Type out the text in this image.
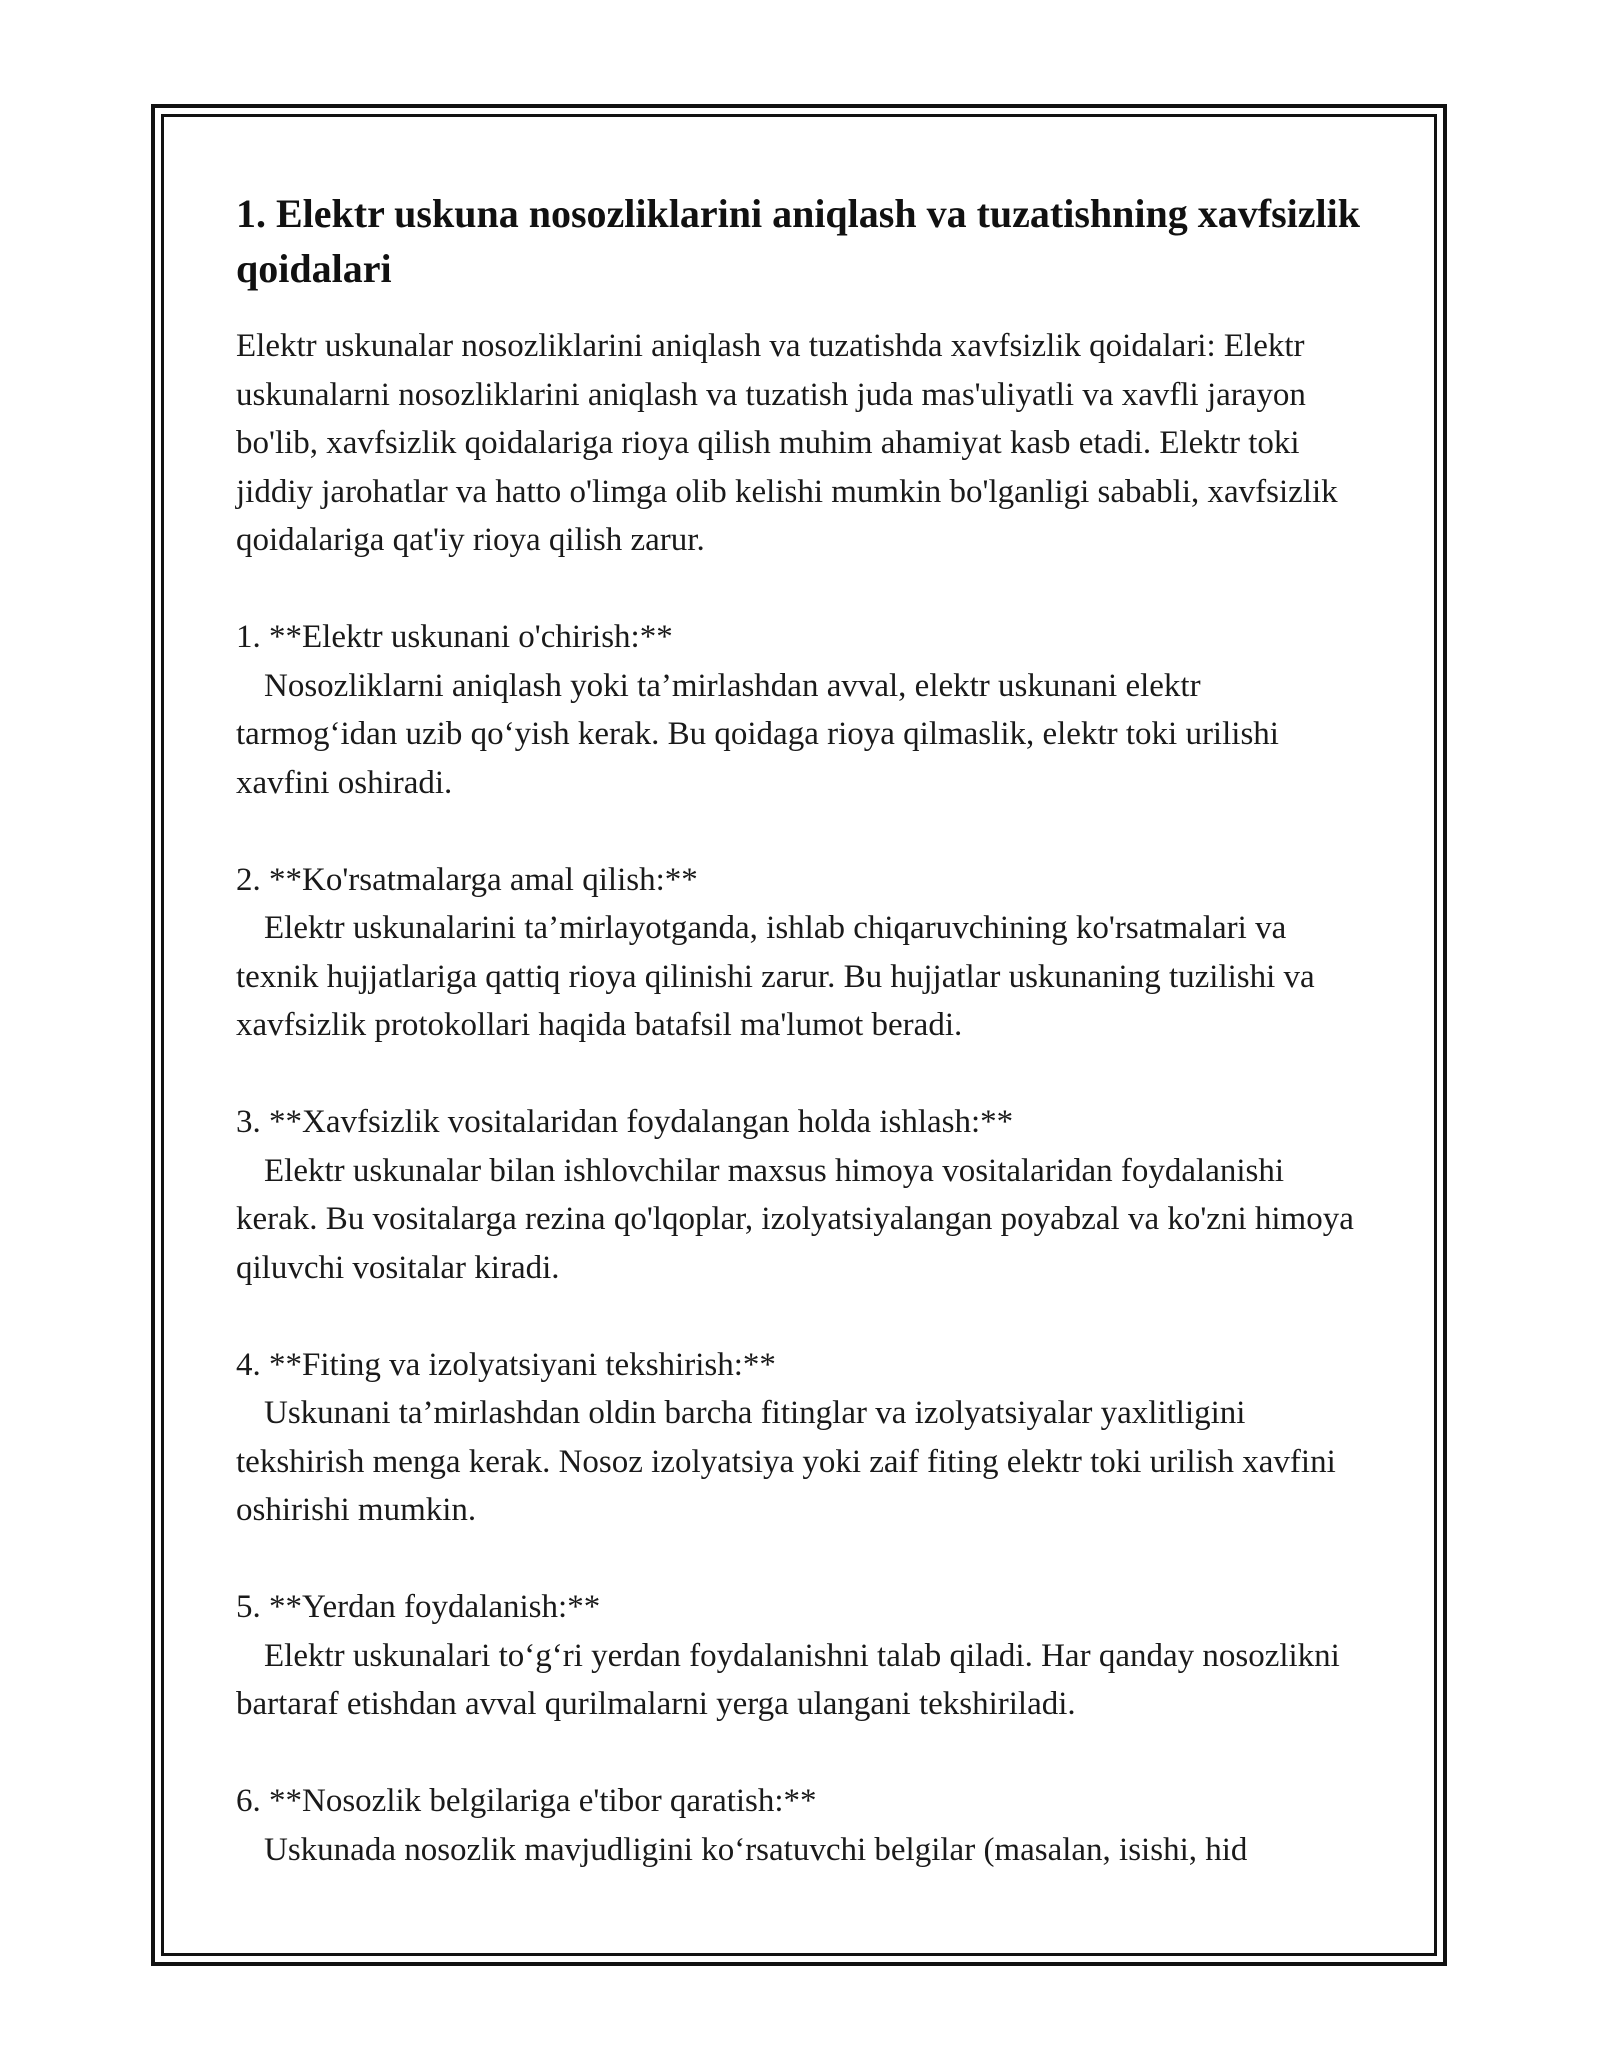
1. Elektr uskuna nosozliklarini aniqlash va tuzatishning xavfsizlik qoidalari

Elektr uskunalar nosozliklarini aniqlash va tuzatishda xavfsizlik qoidalari: Elektr uskunalarni nosozliklarini aniqlash va tuzatish juda mas'uliyatli va xavfli jarayon bo'lib, xavfsizlik qoidalariga rioya qilish muhim ahamiyat kasb etadi. Elektr toki jiddiy jarohatlar va hatto o'limga olib kelishi mumkin bo'lganligi sababli, xavfsizlik qoidalariga qat'iy rioya qilish zarur.

1. **Elektr uskunani o'chirish:**
Nosozliklarni aniqlash yoki ta’mirlashdan avval, elektr uskunani elektr tarmog‘idan uzib qo‘yish kerak. Bu qoidaga rioya qilmaslik, elektr toki urilishi xavfini oshiradi.
2. **Ko'rsatmalarga amal qilish:**
Elektr uskunalarini ta’mirlayotganda, ishlab chiqaruvchining ko'rsatmalari va texnik hujjatlariga qattiq rioya qilinishi zarur. Bu hujjatlar uskunaning tuzilishi va xavfsizlik protokollari haqida batafsil ma'lumot beradi.
3. **Xavfsizlik vositalaridan foydalangan holda ishlash:**
Elektr uskunalar bilan ishlovchilar maxsus himoya vositalaridan foydalanishi kerak. Bu vositalarga rezina qo'lqoplar, izolyatsiyalangan poyabzal va ko'zni himoya qiluvchi vositalar kiradi.
4. **Fiting va izolyatsiyani tekshirish:**
Uskunani ta’mirlashdan oldin barcha fitinglar va izolyatsiyalar yaxlitligini tekshirish menga kerak. Nosoz izolyatsiya yoki zaif fiting elektr toki urilish xavfini oshirishi mumkin.
5. **Yerdan foydalanish:**
Elektr uskunalari to‘g‘ri yerdan foydalanishni talab qiladi. Har qanday nosozlikni bartaraf etishdan avval qurilmalarni yerga ulangani tekshiriladi.
6. **Nosozlik belgilariga e'tibor qaratish:**
Uskunada nosozlik mavjudligini ko‘rsatuvchi belgilar (masalan, isishi, hid
